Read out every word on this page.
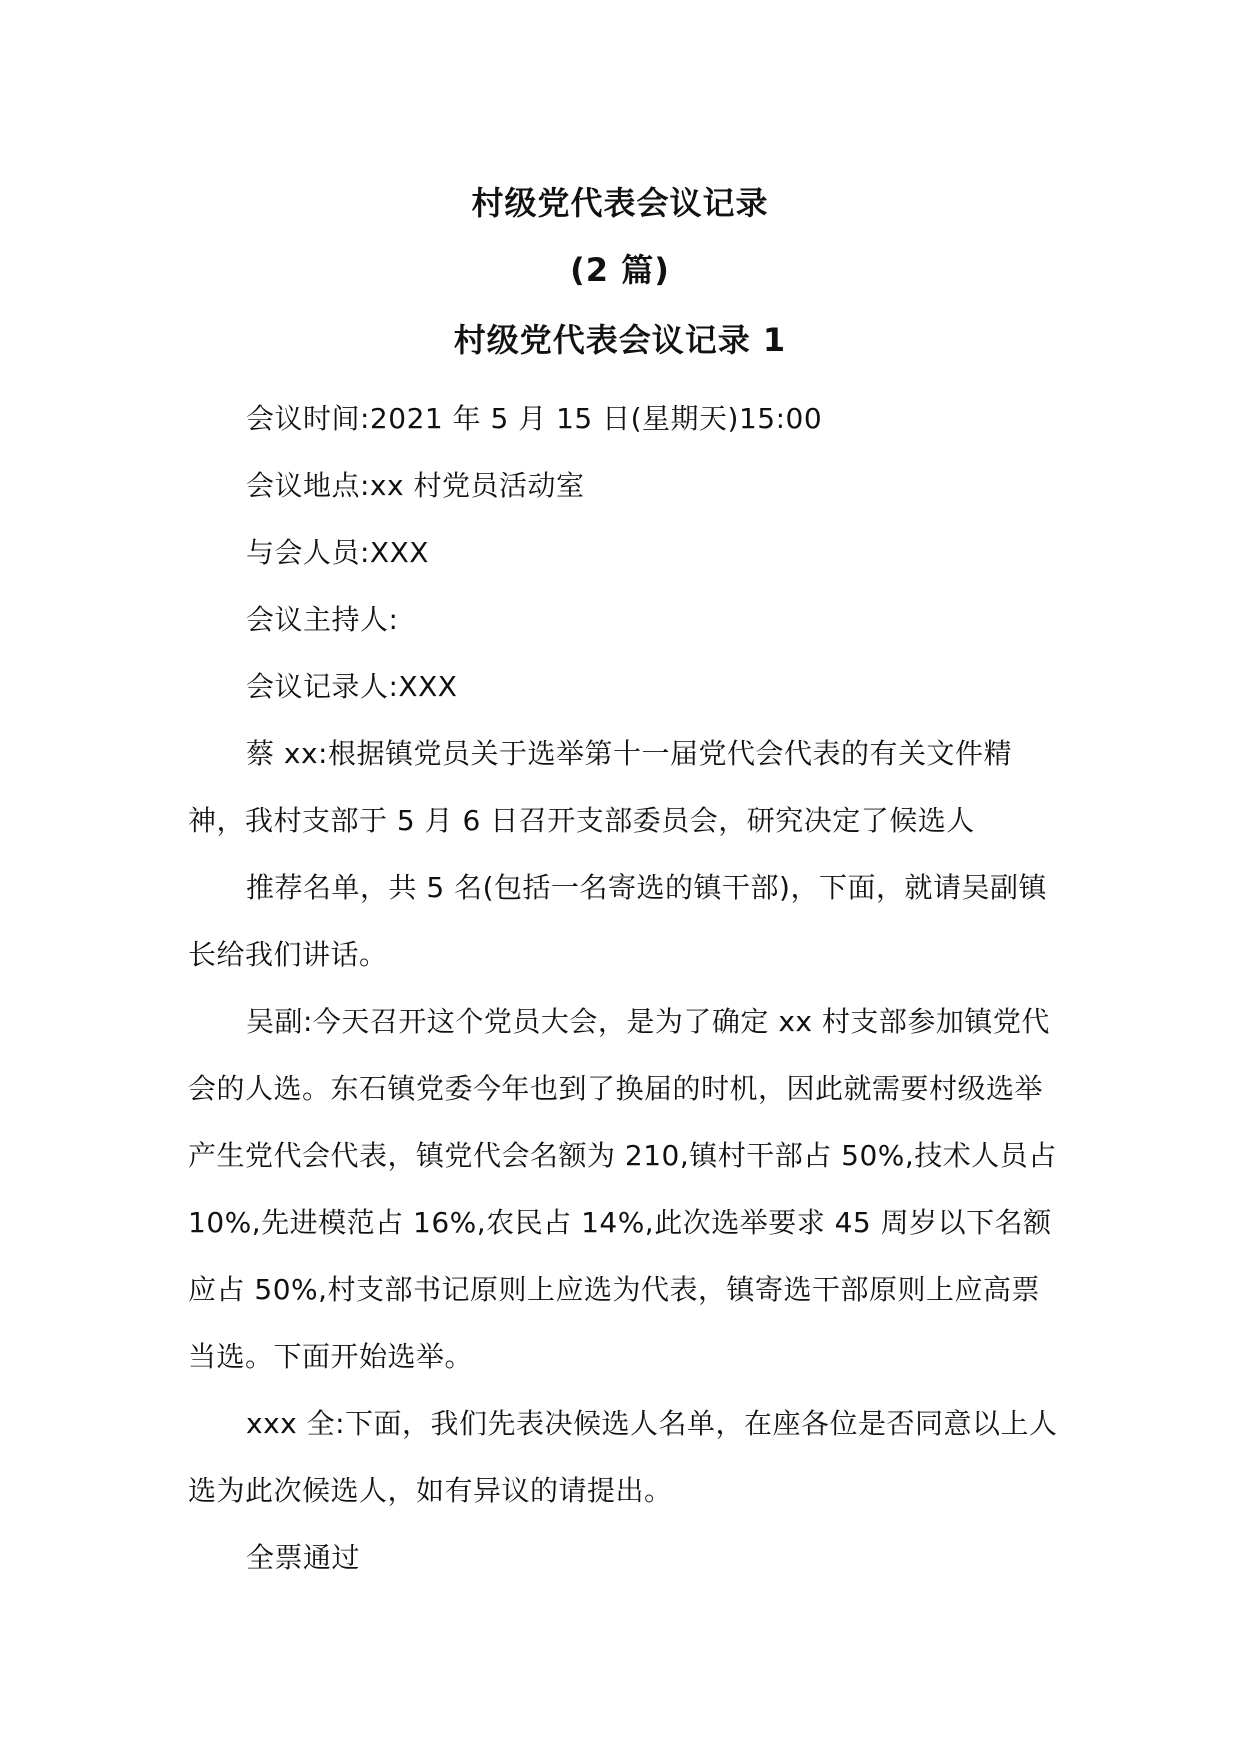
村级党代表会议记录
(2 篇)
村级党代表会议记录 1

会议时间:2021 年 5 月 15 日(星期天)15:00

会议地点:xx 村党员活动室

与会人员:XXX

会议主持人:

会议记录人:XXX

蔡 xx:根据镇党员关于选举第十一届党代会代表的有关文件精神，我村支部于 5 月 6 日召开支部委员会，研究决定了候选人

推荐名单，共 5 名(包括一名寄选的镇干部)，下面，就请吴副镇长给我们讲话。

吴副:今天召开这个党员大会，是为了确定 xx 村支部参加镇党代会的人选。东石镇党委今年也到了换届的时机，因此就需要村级选举产生党代会代表，镇党代会名额为 210,镇村干部占 50%,技术人员占 10%,先进模范占 16%,农民占 14%,此次选举要求 45 周岁以下名额应占 50%,村支部书记原则上应选为代表，镇寄选干部原则上应高票当选。下面开始选举。

xxx 全:下面，我们先表决候选人名单，在座各位是否同意以上人选为此次候选人，如有异议的请提出。

全票通过
